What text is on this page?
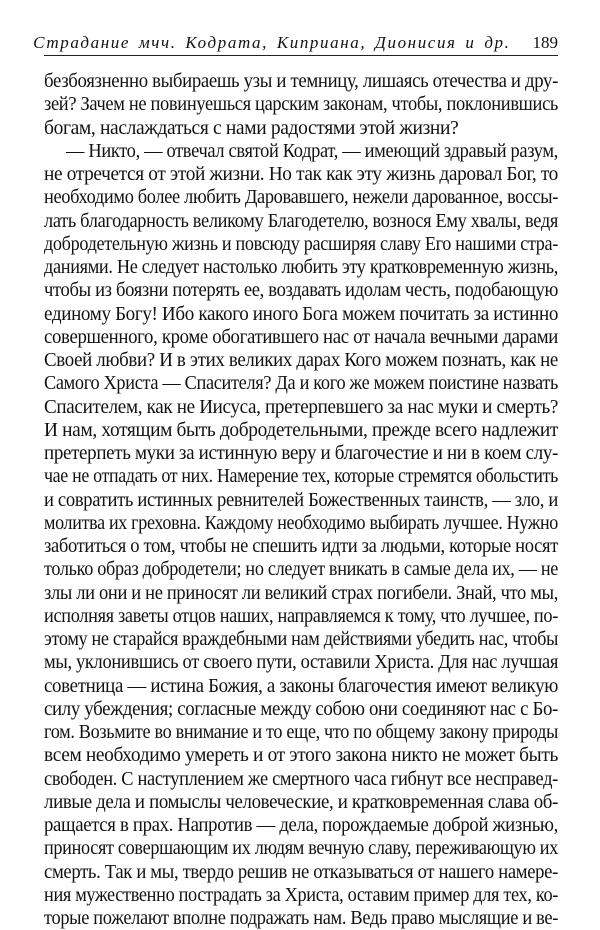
Страдание мчч. Кодрата, Киприана, Дионисия и др. 189
безбоязненно выбираешь узы и темницу, лишаясь отечества и дру-
зей? Зачем не повинуешься царским законам, чтобы, поклонившись
богам, наслаждаться с нами радостями этой жизни?
— Никто, — отвечал святой Кодрат, — имеющий здравый разум,
не отречется от этой жизни. Но так как эту жизнь даровал Бог, то
необходимо более любить Даровавшего, нежели дарованное, воссы-
лать благодарность великому Благодетелю, вознося Ему хвалы, ведя
добродетельную жизнь и повсюду расширяя славу Его нашими стра-
даниями. Не следует настолько любить эту кратковременную жизнь,
чтобы из боязни потерять ее, воздавать идолам честь, подобающую
единому Богу! Ибо какого иного Бога можем почитать за истинно
совершенного, кроме обогатившего нас от начала вечными дарами
Своей любви? И в этих великих дарах Кого можем познать, как не
Самого Христа — Спасителя? Да и кого же можем поистине назвать
Спасителем, как не Иисуса, претерпевшего за нас муки и смерть?
И нам, хотящим быть добродетельными, прежде всего надлежит
претерпеть муки за истинную веру и благочестие и ни в коем слу-
чае не отпадать от них. Намерение тех, которые стремятся обольстить
и совратить истинных ревнителей Божественных таинств, — зло, и
молитва их греховна. Каждому необходимо выбирать лучшее. Нужно
заботиться о том, чтобы не спешить идти за людьми, которые носят
только образ добродетели; но следует вникать в самые дела их, — не
злы ли они и не приносят ли великий страх погибели. Знай, что мы,
исполняя заветы отцов наших, направляемся к тому, что лучшее, по-
этому не старайся враждебными нам действиями убедить нас, чтобы
мы, уклонившись от своего пути, оставили Христа. Для нас лучшая
советница — истина Божия, а законы благочестия имеют великую
силу убеждения; согласные между собою они соединяют нас с Бо-
гом. Возьмите во внимание и то еще, что по общему закону природы
всем необходимо умереть и от этого закона никто не может быть
свободен. С наступлением же смертного часа гибнут все несправед-
ливые дела и помыслы человеческие, и кратковременная слава об-
ращается в прах. Напротив — дела, порождаемые доброй жизнью,
приносят совершающим их людям вечную славу, переживающую их
смерть. Так и мы, твердо решив не отказываться от нашего намере-
ния мужественно пострадать за Христа, оставим пример для тех, ко-
торые пожелают вполне подражать нам. Ведь право мыслящие и ве-
